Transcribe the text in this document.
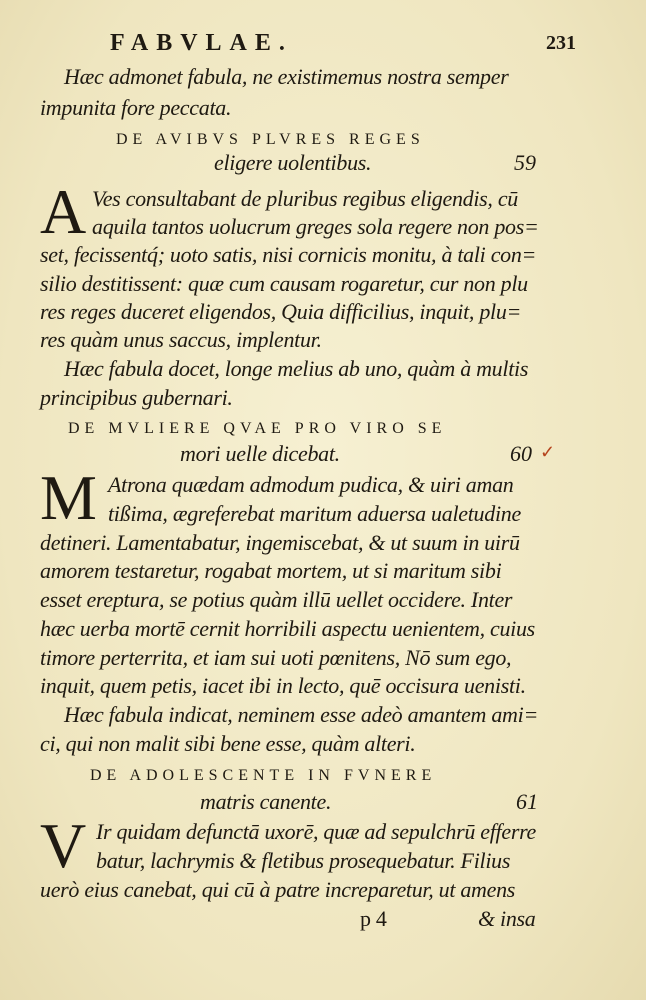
FABVLAE.	231
Hæc admonet fabula, ne existimemus nostra semper
impunita fore peccata.
DE AVIBVS PLVRES REGES
eligere uolentibus.	59
A Ves consultabant de pluribus regibus eligendis, cū
aquila tantos uolucrum greges sola regere non pos=
set, fecissentq́; uoto satis, nisi cornicis monitu, à tali con=
silio destitissent: quæ cum causam rogaretur, cur non plu
res reges duceret eligendos, Quia difficilius, inquit, plu=
res quàm unus saccus, implentur.
Hæc fabula docet, longe melius ab uno, quàm à multis
principibus gubernari.
DE MVLIERE QVAE PRO VIRO SE
mori uelle dicebat.	60 ✓
M Atrona quædam admodum pudica, & uiri aman
tißima, ægreferebat maritum aduersa ualetudine
detineri. Lamentabatur, ingemiscebat, & ut suum in uirū
amorem testaretur, rogabat mortem, ut si maritum sibi
esset ereptura, se potius quàm illū uellet occidere. Inter
hæc uerba mortē cernit horribili aspectu uenientem, cuius
timore perterrita, et iam sui uoti pœnitens, Nō sum ego,
inquit, quem petis, iacet ibi in lecto, quē occisura uenisti.
Hæc fabula indicat, neminem esse adeò amantem ami=
ci, qui non malit sibi bene esse, quàm alteri.
DE ADOLESCENTE IN FVNERE
matris canente.	61
V Ir quidam defunctā uxorē, quæ ad sepulchrū efferre
batur, lachrymis & fletibus prosequebatur. Filius
uerò eius canebat, qui cū à patre increparetur, ut amens
p 4	& insa
